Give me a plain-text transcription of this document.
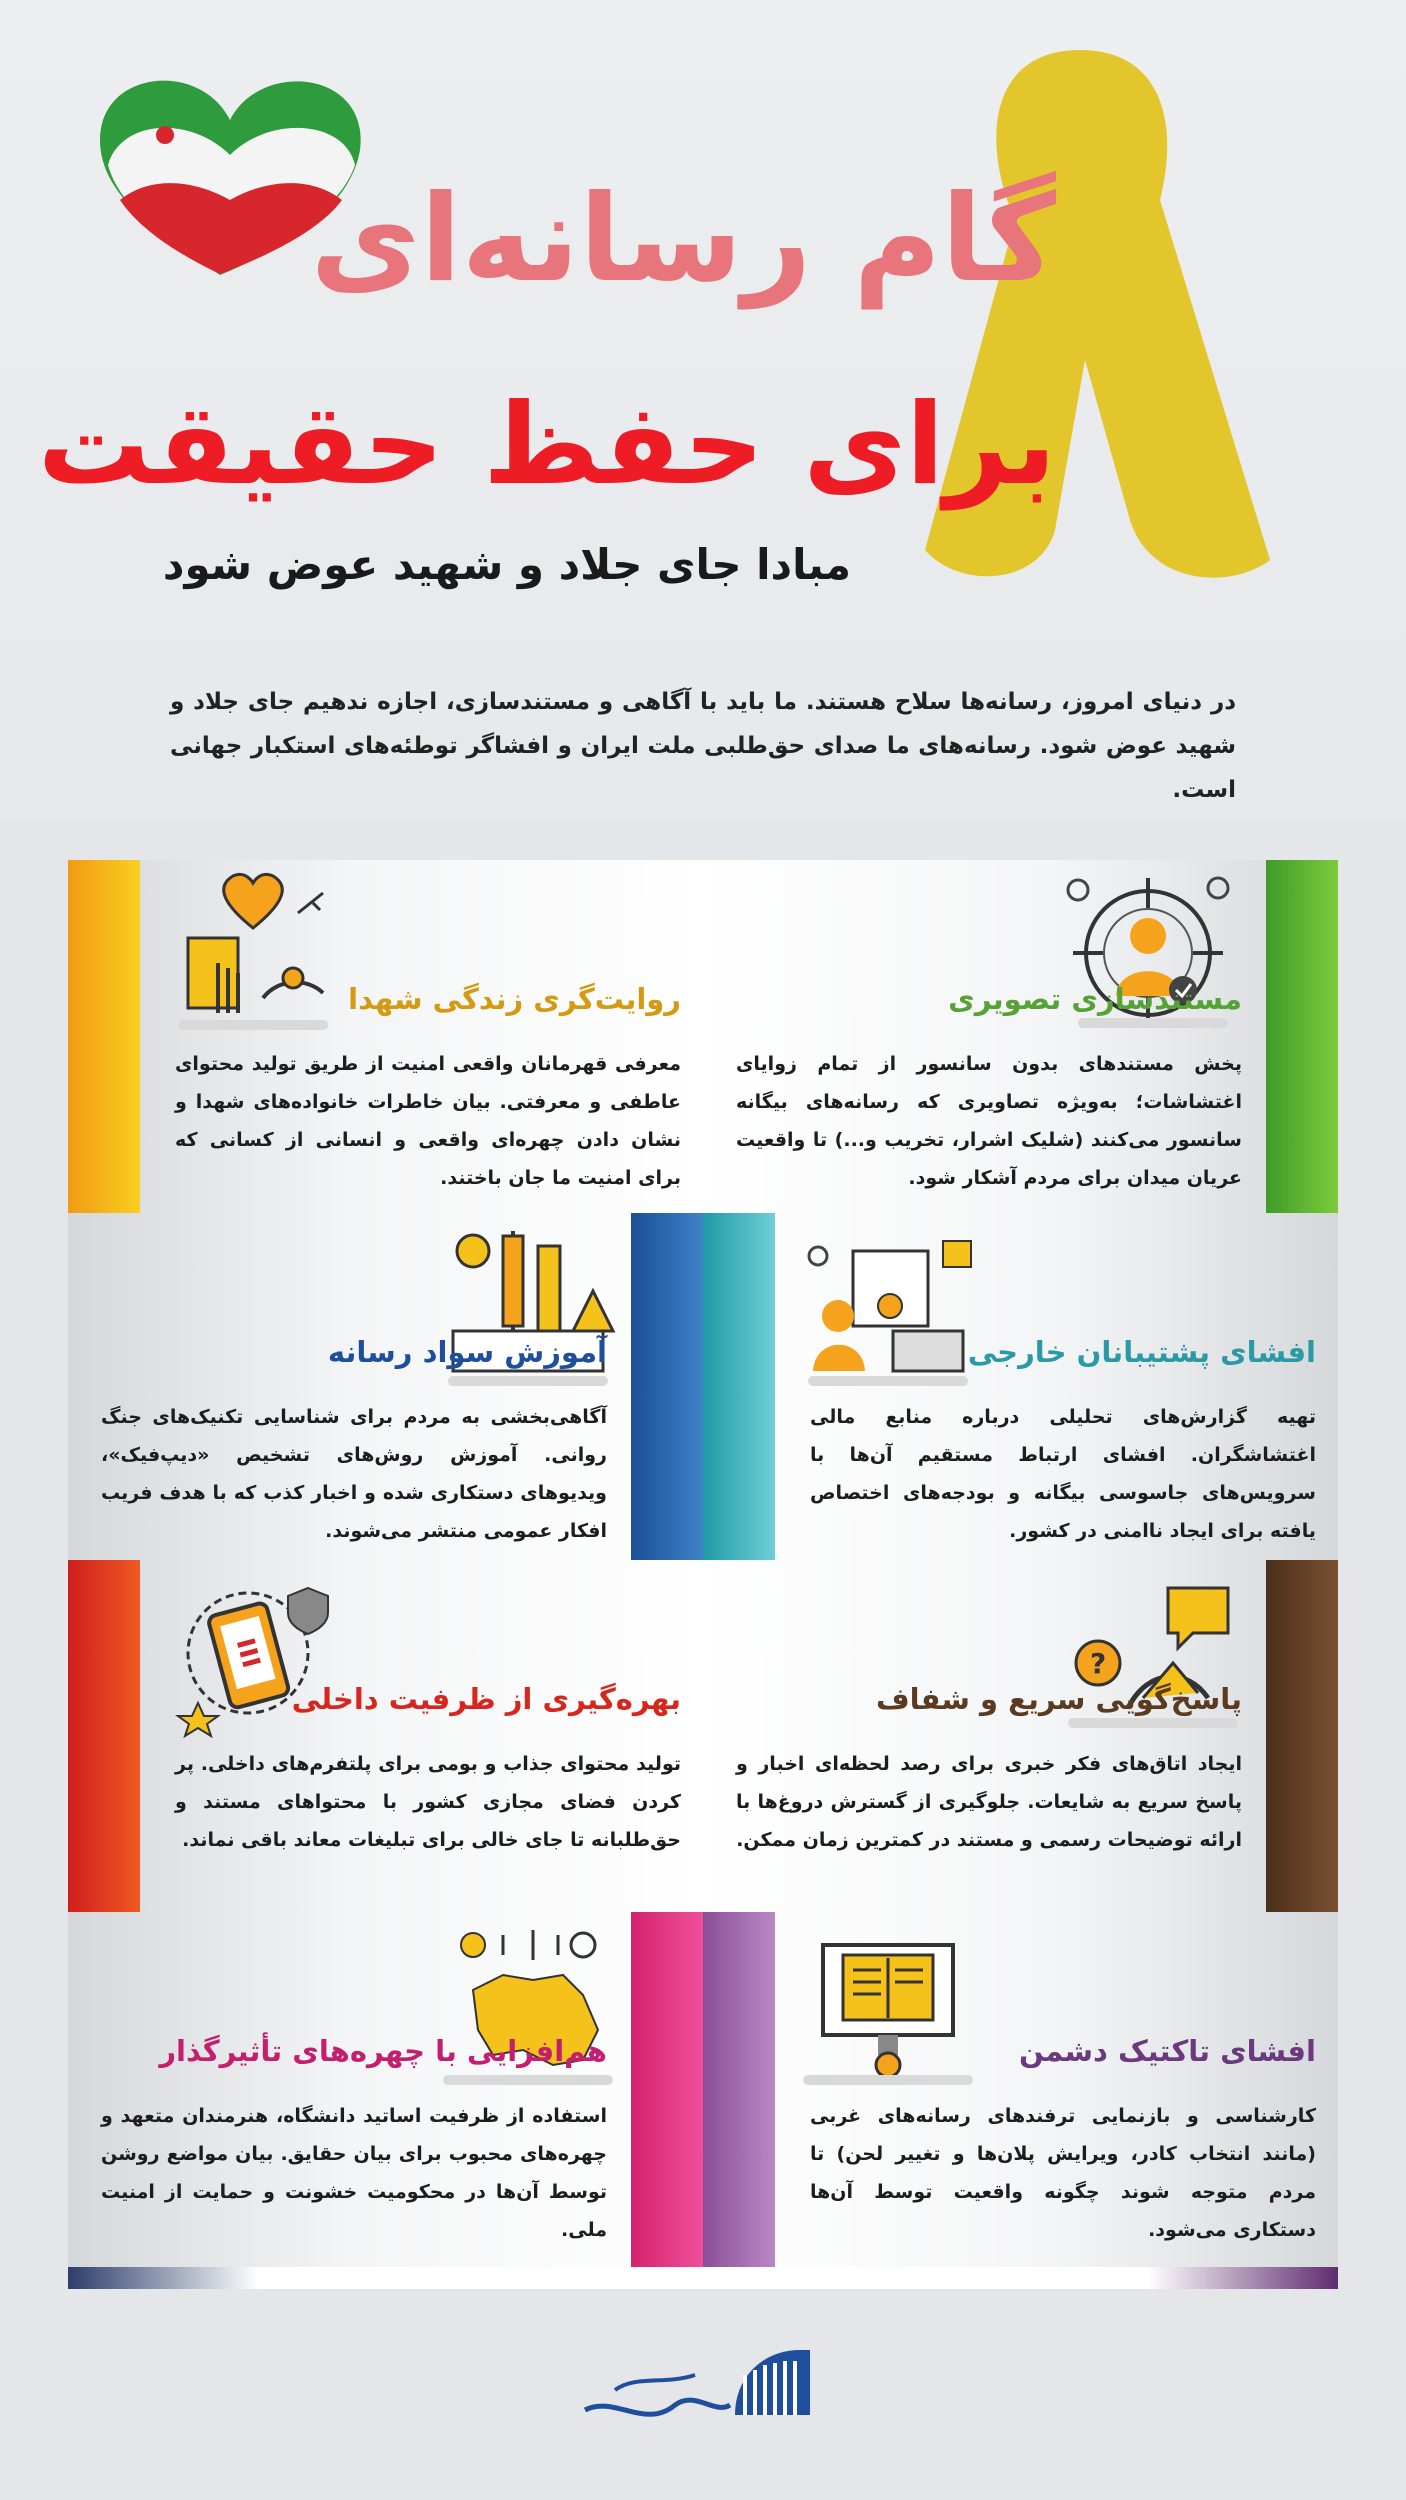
گام رسانه‌ای
برای حفظ حقیقت
مبادا جای جلاد و شهید عوض شود
در دنیای امروز، رسانه‌ها سلاح هستند. ما باید با آگاهی و مستندسازی، اجازه ندهیم جای جلاد و شهید عوض شود. رسانه‌های ما صدای حق‌طلبی ملت ایران و افشاگر توطئه‌های استکبار جهانی است.
مستندسازی تصویری
پخش مستندهای بدون سانسور از تمام زوایای اغتشاشات؛ به‌ویژه تصاویری که رسانه‌های بیگانه سانسور می‌کنند (شلیک اشرار، تخریب و...) تا واقعیت عریان میدان برای مردم آشکار شود.
روایت‌گری زندگی شهدا
معرفی قهرمانان واقعی امنیت از طریق تولید محتوای عاطفی و معرفتی. بیان خاطرات خانواده‌های شهدا و نشان دادن چهره‌ای واقعی و انسانی از کسانی که برای امنیت ما جان باختند.
افشای پشتیبانان خارجی
تهیه گزارش‌های تحلیلی درباره منابع مالی اغتشاشگران. افشای ارتباط مستقیم آن‌ها با سرویس‌های جاسوسی بیگانه و بودجه‌های اختصاص یافته برای ایجاد ناامنی در کشور.
آموزش سواد رسانه
آگاهی‌بخشی به مردم برای شناسایی تکنیک‌های جنگ روانی. آموزش روش‌های تشخیص «دیپ‌فیک»، ویدیوهای دستکاری شده و اخبار کذب که با هدف فریب افکار عمومی منتشر می‌شوند.
?
پاسخ‌گویی سریع و شفاف
ایجاد اتاق‌های فکر خبری برای رصد لحظه‌ای اخبار و پاسخ سریع به شایعات. جلوگیری از گسترش دروغ‌ها با ارائه توضیحات رسمی و مستند در کمترین زمان ممکن.
بهره‌گیری از ظرفیت داخلی
تولید محتوای جذاب و بومی برای پلتفرم‌های داخلی. پر کردن فضای مجازی کشور با محتواهای مستند و حق‌طلبانه تا جای خالی برای تبلیغات معاند باقی نماند.
افشای تاکتیک دشمن
کارشناسی و بازنمایی ترفندهای رسانه‌های غربی (مانند انتخاب کادر، ویرایش پلان‌ها و تغییر لحن) تا مردم متوجه شوند چگونه واقعیت توسط آن‌ها دستکاری می‌شود.
هم‌افزایی با چهره‌های تأثیرگذار
استفاده از ظرفیت اساتید دانشگاه، هنرمندان متعهد و چهره‌های محبوب برای بیان حقایق. بیان مواضع روشن توسط آن‌ها در محکومیت خشونت و حمایت از امنیت ملی.
